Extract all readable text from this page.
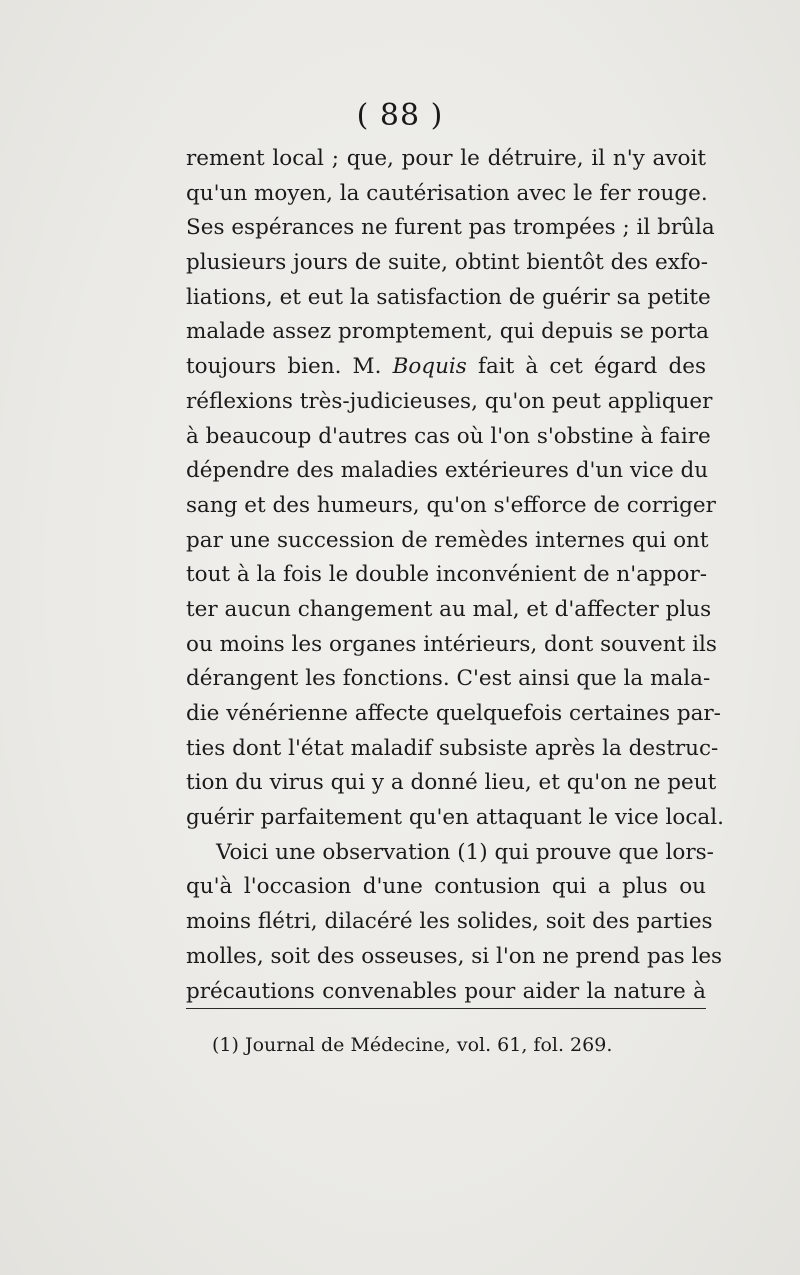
( 88 )
rement local ; que, pour le détruire, il n'y avoit
qu'un moyen, la cautérisation avec le fer rouge.
Ses espérances ne furent pas trompées ; il brûla
plusieurs jours de suite, obtint bientôt des exfo-
liations, et eut la satisfaction de guérir sa petite
malade assez promptement, qui depuis se porta
toujours bien. M. Boquis fait à cet égard des
réflexions très-judicieuses, qu'on peut appliquer
à beaucoup d'autres cas où l'on s'obstine à faire
dépendre des maladies extérieures d'un vice du
sang et des humeurs, qu'on s'efforce de corriger
par une succession de remèdes internes qui ont
tout à la fois le double inconvénient de n'appor-
ter aucun changement au mal, et d'affecter plus
ou moins les organes intérieurs, dont souvent ils
dérangent les fonctions. C'est ainsi que la mala-
die vénérienne affecte quelquefois certaines par-
ties dont l'état maladif subsiste après la destruc-
tion du virus qui y a donné lieu, et qu'on ne peut
guérir parfaitement qu'en attaquant le vice local.
Voici une observation (1) qui prouve que lors-
qu'à l'occasion d'une contusion qui a plus ou
moins flétri, dilacéré les solides, soit des parties
molles, soit des osseuses, si l'on ne prend pas les
précautions convenables pour aider la nature à
(1) Journal de Médecine, vol. 61, fol. 269.
